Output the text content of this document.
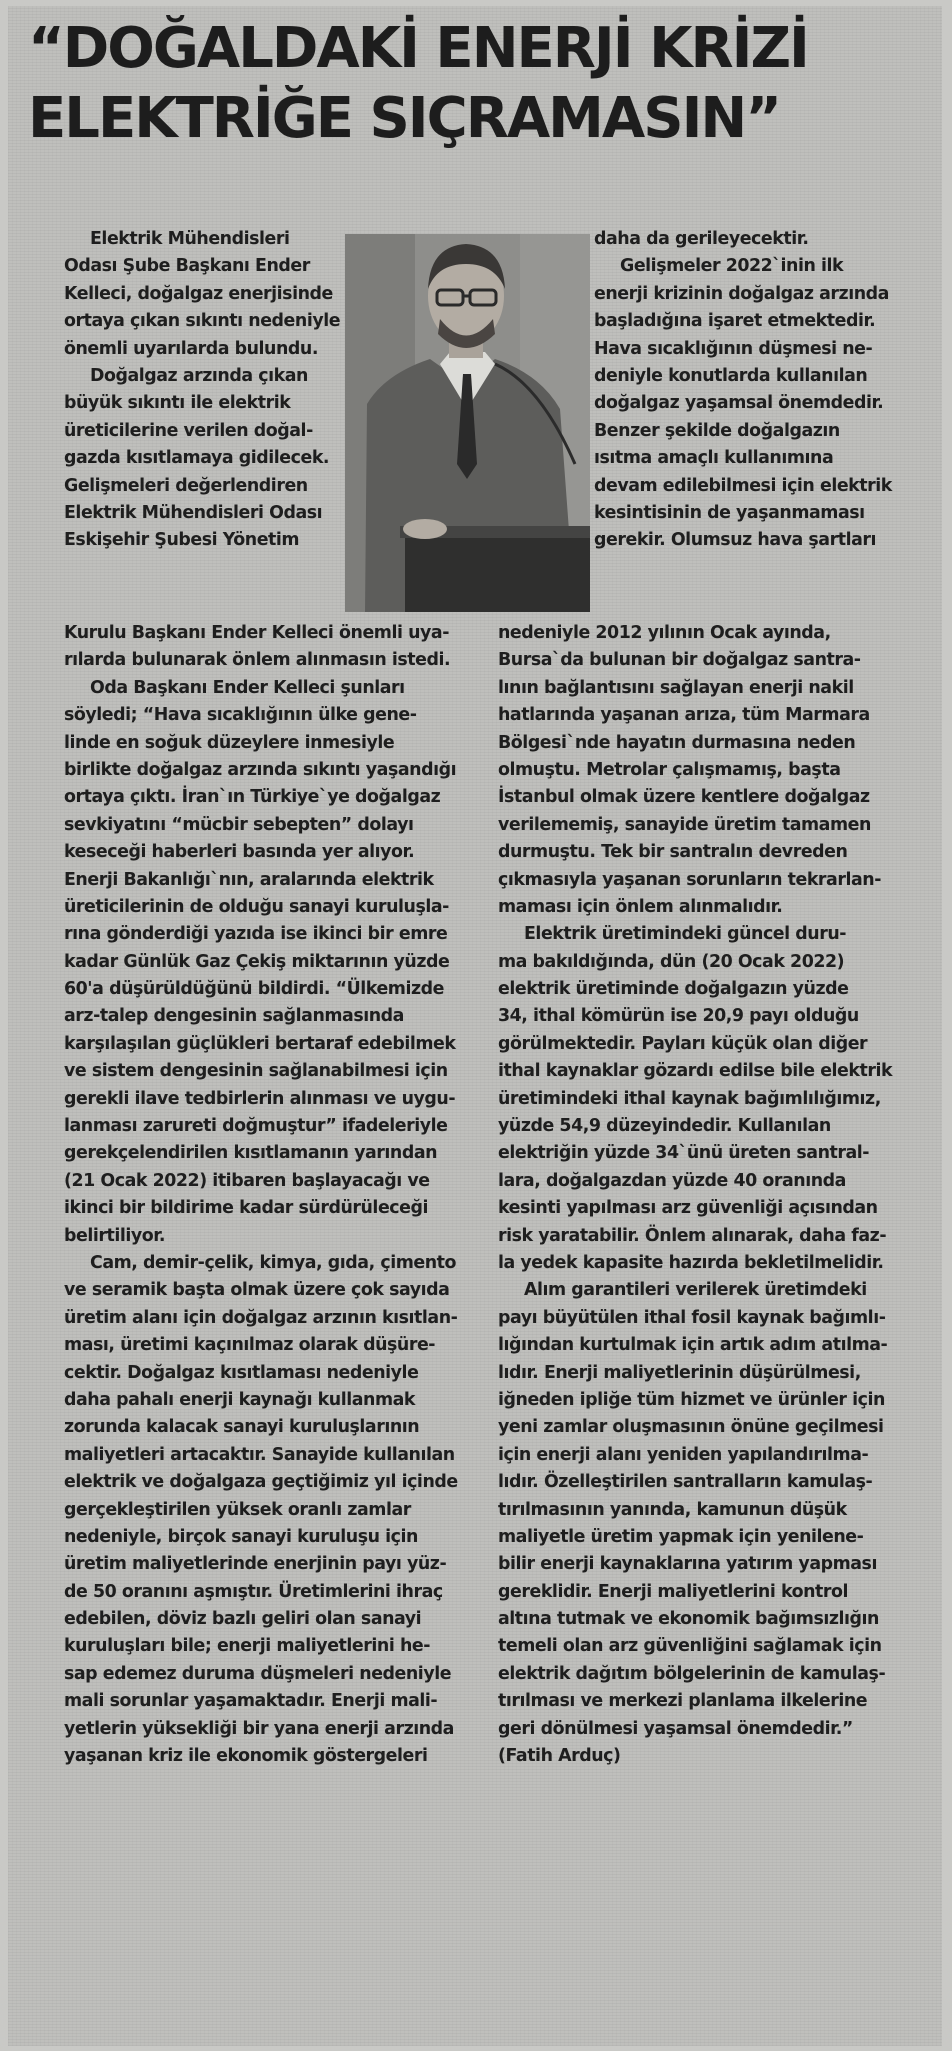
“DOĞALDAKİ ENERJİ KRİZİ
ELEKTRİĞE SIÇRAMASIN”
Elektrik Mühendisleri
Odası Şube Başkanı Ender
Kelleci, doğalgaz enerjisinde
ortaya çıkan sıkıntı nedeniyle
önemli uyarılarda bulundu.
Doğalgaz arzında çıkan
büyük sıkıntı ile elektrik
üreticilerine verilen doğal-
gazda kısıtlamaya gidilecek.
Gelişmeleri değerlendiren
Elektrik Mühendisleri Odası
Eskişehir Şubesi Yönetim
Kurulu Başkanı Ender Kelleci önemli uya-
rılarda bulunarak önlem alınmasın istedi.
Oda Başkanı Ender Kelleci şunları
söyledi; “Hava sıcaklığının ülke gene-
linde en soğuk düzeylere inmesiyle
birlikte doğalgaz arzında sıkıntı yaşandığı
ortaya çıktı. İran`ın Türkiye`ye doğalgaz
sevkiyatını “mücbir sebepten” dolayı
keseceği haberleri basında yer alıyor.
Enerji Bakanlığı`nın, aralarında elektrik
üreticilerinin de olduğu sanayi kuruluşla-
rına gönderdiği yazıda ise ikinci bir emre
kadar Günlük Gaz Çekiş miktarının yüzde
60'a düşürüldüğünü bildirdi. “Ülkemizde
arz-talep dengesinin sağlanmasında
karşılaşılan güçlükleri bertaraf edebilmek
ve sistem dengesinin sağlanabilmesi için
gerekli ilave tedbirlerin alınması ve uygu-
lanması zarureti doğmuştur” ifadeleriyle
gerekçelendirilen kısıtlamanın yarından
(21 Ocak 2022) itibaren başlayacağı ve
ikinci bir bildirime kadar sürdürüleceği
belirtiliyor.
Cam, demir-çelik, kimya, gıda, çimento
ve seramik başta olmak üzere çok sayıda
üretim alanı için doğalgaz arzının kısıtlan-
ması, üretimi kaçınılmaz olarak düşüre-
cektir. Doğalgaz kısıtlaması nedeniyle
daha pahalı enerji kaynağı kullanmak
zorunda kalacak sanayi kuruluşlarının
maliyetleri artacaktır. Sanayide kullanılan
elektrik ve doğalgaza geçtiğimiz yıl içinde
gerçekleştirilen yüksek oranlı zamlar
nedeniyle, birçok sanayi kuruluşu için
üretim maliyetlerinde enerjinin payı yüz-
de 50 oranını aşmıştır. Üretimlerini ihraç
edebilen, döviz bazlı geliri olan sanayi
kuruluşları bile; enerji maliyetlerini he-
sap edemez duruma düşmeleri nedeniyle
mali sorunlar yaşamaktadır. Enerji mali-
yetlerin yüksekliği bir yana enerji arzında
yaşanan kriz ile ekonomik göstergeleri
daha da gerileyecektir.
Gelişmeler 2022`inin ilk
enerji krizinin doğalgaz arzında
başladığına işaret etmektedir.
Hava sıcaklığının düşmesi ne-
deniyle konutlarda kullanılan
doğalgaz yaşamsal önemdedir.
Benzer şekilde doğalgazın
ısıtma amaçlı kullanımına
devam edilebilmesi için elektrik
kesintisinin de yaşanmaması
gerekir. Olumsuz hava şartları
nedeniyle 2012 yılının Ocak ayında,
Bursa`da bulunan bir doğalgaz santra-
lının bağlantısını sağlayan enerji nakil
hatlarında yaşanan arıza, tüm Marmara
Bölgesi`nde hayatın durmasına neden
olmuştu. Metrolar çalışmamış, başta
İstanbul olmak üzere kentlere doğalgaz
verilememiş, sanayide üretim tamamen
durmuştu. Tek bir santralın devreden
çıkmasıyla yaşanan sorunların tekrarlan-
maması için önlem alınmalıdır.
Elektrik üretimindeki güncel duru-
ma bakıldığında, dün (20 Ocak 2022)
elektrik üretiminde doğalgazın yüzde
34, ithal kömürün ise 20,9 payı olduğu
görülmektedir. Payları küçük olan diğer
ithal kaynaklar gözardı edilse bile elektrik
üretimindeki ithal kaynak bağımlılığımız,
yüzde 54,9 düzeyindedir. Kullanılan
elektriğin yüzde 34`ünü üreten santral-
lara, doğalgazdan yüzde 40 oranında
kesinti yapılması arz güvenliği açısından
risk yaratabilir. Önlem alınarak, daha faz-
la yedek kapasite hazırda bekletilmelidir.
Alım garantileri verilerek üretimdeki
payı büyütülen ithal fosil kaynak bağımlı-
lığından kurtulmak için artık adım atılma-
lıdır. Enerji maliyetlerinin düşürülmesi,
iğneden ipliğe tüm hizmet ve ürünler için
yeni zamlar oluşmasının önüne geçilmesi
için enerji alanı yeniden yapılandırılma-
lıdır. Özelleştirilen santralların kamulaş-
tırılmasının yanında, kamunun düşük
maliyetle üretim yapmak için yenilene-
bilir enerji kaynaklarına yatırım yapması
gereklidir. Enerji maliyetlerini kontrol
altına tutmak ve ekonomik bağımsızlığın
temeli olan arz güvenliğini sağlamak için
elektrik dağıtım bölgelerinin de kamulaş-
tırılması ve merkezi planlama ilkelerine
geri dönülmesi yaşamsal önemdedir.”
(Fatih Arduç)
